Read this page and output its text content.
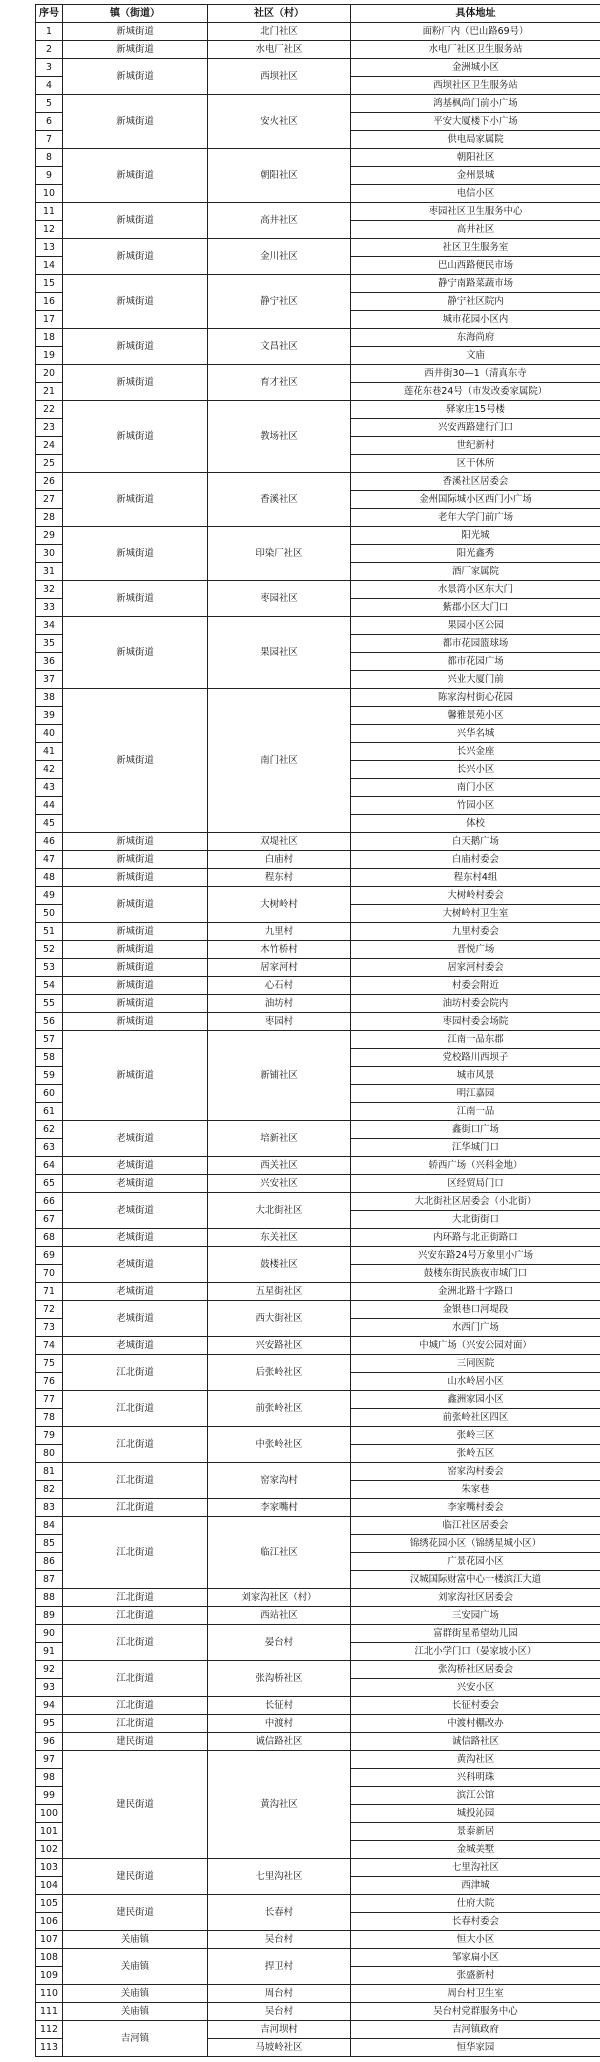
序号	镇（街道）	社区（村）	具体地址
1	新城街道	北门社区	面粉厂内（巴山路69号）
2	新城街道	水电厂社区	水电厂社区卫生服务站
3	新城街道	西坝社区	金洲城小区
4			西坝社区卫生服务站
5	新城街道	安火社区	鸿基枫尚门前小广场
6			平安大厦楼下小广场
7			供电局家属院
8	新城街道	朝阳社区	朝阳社区
9			金州景城
10			电信小区
11	新城街道	高井社区	枣园社区卫生服务中心
12			高井社区
13	新城街道	金川社区	社区卫生服务室
14			巴山西路便民市场
15	新城街道	静宁社区	静宁南路菜蔬市场
16			静宁社区院内
17			城市花园小区内
18	新城街道	文昌社区	东海尚府
19			文庙
20	新城街道	育才社区	西井街30—1（清真东寺
21			莲花东巷24号（市发改委家属院）
22	新城街道	教场社区	驿家庄15号楼
23			兴安西路建行门口
24			世纪新村
25			区干休所
26	新城街道	香溪社区	香溪社区居委会
27			金州国际城小区西门小广场
28			老年大学门前广场
29	新城街道	印染厂社区	阳光城
30			阳光鑫秀
31			酒厂家属院
32	新城街道	枣园社区	水景湾小区东大门
33			紫郡小区大门口
34	新城街道	果园社区	果园小区公园
35			都市花园篮球场
36			都市花园广场
37			兴业大厦门前
38	新城街道	南门社区	陈家沟村街心花园
39			馨雅景苑小区
40			兴华名城
41			长兴金座
42			长兴小区
43			南门小区
44			竹园小区
45			体校
46	新城街道	双堤社区	白天鹅广场
47	新城街道	白庙村	白庙村委会
48	新城街道	程东村	程东村4组
49	新城街道	大树岭村	大树岭村委会
50			大树岭村卫生室
51	新城街道	九里村	九里村委会
52	新城街道	木竹桥村	晋悦广场
53	新城街道	居家河村	居家河村委会
54	新城街道	心石村	村委会附近
55	新城街道	油坊村	油坊村委会院内
56	新城街道	枣园村	枣园村委会场院
57	新城街道	新铺社区	江南一品东郡
58			党校路川西坝子
59			城市风景
60			明江嘉园
61			江南一品
62	老城街道	培新社区	鑫街口广场
63			江华城门口
64	老城街道	西关社区	轿西广场（兴科金地）
65	老城街道	兴安社区	区经贸局门口
66	老城街道	大北街社区	大北街社区居委会（小北街）
67			大北街街口
68	老城街道	东关社区	内环路与北正街路口
69	老城街道	鼓楼社区	兴安东路24号万象里小广场
70			鼓楼东街民族夜市城门口
71	老城街道	五星街社区	金洲北路十字路口
72	老城街道	西大街社区	金银巷口河堤段
73			水西门广场
74	老城街道	兴安路社区	中城广场（兴安公园对面）
75	江北街道	后张岭社区	三同医院
76			山水岭居小区
77	江北街道	前张岭社区	鑫洲家园小区
78			前张岭社区四区
79	江北街道	中张岭社区	张岭三区
80			张岭五区
81	江北街道	窑家沟村	窑家沟村委会
82			朱家巷
83	江北街道	李家嘴村	李家嘴村委会
84	江北街道	临江社区	临江社区居委会
85			锦绣花园小区（锦绣星城小区）
86			广景花园小区
87			汉城国际财富中心一楼滨江大道
88	江北街道	刘家沟社区（村）	刘家沟社区居委会
89	江北街道	西站社区	三安园广场
90	江北街道	晏台村	富群街星希望幼儿园
91			江北小学门口（晏家坡小区）
92	江北街道	张沟桥社区	张沟桥社区居委会
93			兴安小区
94	江北街道	长征村	长征村委会
95	江北街道	中渡村	中渡村棚改办
96	建民街道	诚信路社区	诚信路社区
97	建民街道	黄沟社区	黄沟社区
98			兴科明珠
99			滨江公馆
100			城投沁园
101			景泰新居
102			金城美墅
103	建民街道	七里沟社区	七里沟社区
104			西津城
105	建民街道	长春村	仕府大院
106			长春村委会
107	关庙镇	吴台村	恒大小区
108	关庙镇	捍卫村	邹家扁小区
109			张盛新村
110	关庙镇	周台村	周台村卫生室
111	关庙镇	吴台村	吴台村党群服务中心
112	吉河镇	吉河坝村	吉河镇政府
113		马坡岭社区	恒华家园
